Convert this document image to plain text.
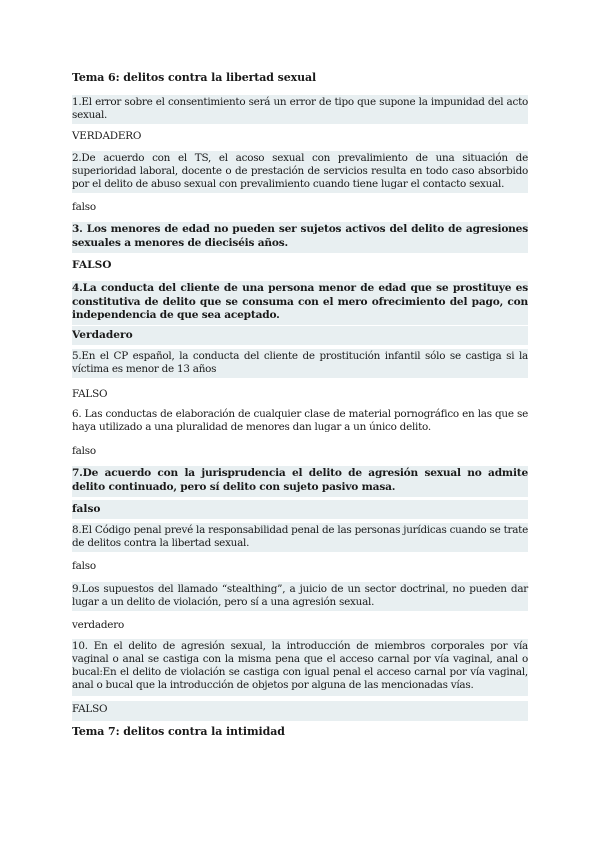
Tema 6: delitos contra la libertad sexual
1.El error sobre el consentimiento será un error de tipo que supone la impunidad del acto sexual.
VERDADERO
2.De acuerdo con el TS, el acoso sexual con prevalimiento de una situación de superioridad laboral, docente o de prestación de servicios resulta en todo caso absorbido por el delito de abuso sexual con prevalimiento cuando tiene lugar el contacto sexual.
falso
3. Los menores de edad no pueden ser sujetos activos del delito de agresiones sexuales a menores de dieciséis años.
FALSO
4.La conducta del cliente de una persona menor de edad que se prostituye es constitutiva de delito que se consuma con el mero ofrecimiento del pago, con independencia de que sea aceptado.
Verdadero
5.En el CP español, la conducta del cliente de prostitución infantil sólo se castiga si la víctima es menor de 13 años
FALSO
6. Las conductas de elaboración de cualquier clase de material pornográfico en las que se haya utilizado a una pluralidad de menores dan lugar a un único delito.
falso
7.De acuerdo con la jurisprudencia el delito de agresión sexual no admite delito continuado, pero sí delito con sujeto pasivo masa.
falso
8.El Código penal prevé la responsabilidad penal de las personas jurídicas cuando se trate de delitos contra la libertad sexual.
falso
9.Los supuestos del llamado “stealthing”, a juicio de un sector doctrinal, no pueden dar lugar a un delito de violación, pero sí a una agresión sexual.
verdadero
10. En el delito de agresión sexual, la introducción de miembros corporales por vía vaginal o anal se castiga con la misma pena que el acceso carnal por vía vaginal, anal o bucal:En el delito de violación se castiga con igual penal el acceso carnal por vía vaginal, anal o bucal que la introducción de objetos por alguna de las mencionadas vías.
FALSO
Tema 7: delitos contra la intimidad
